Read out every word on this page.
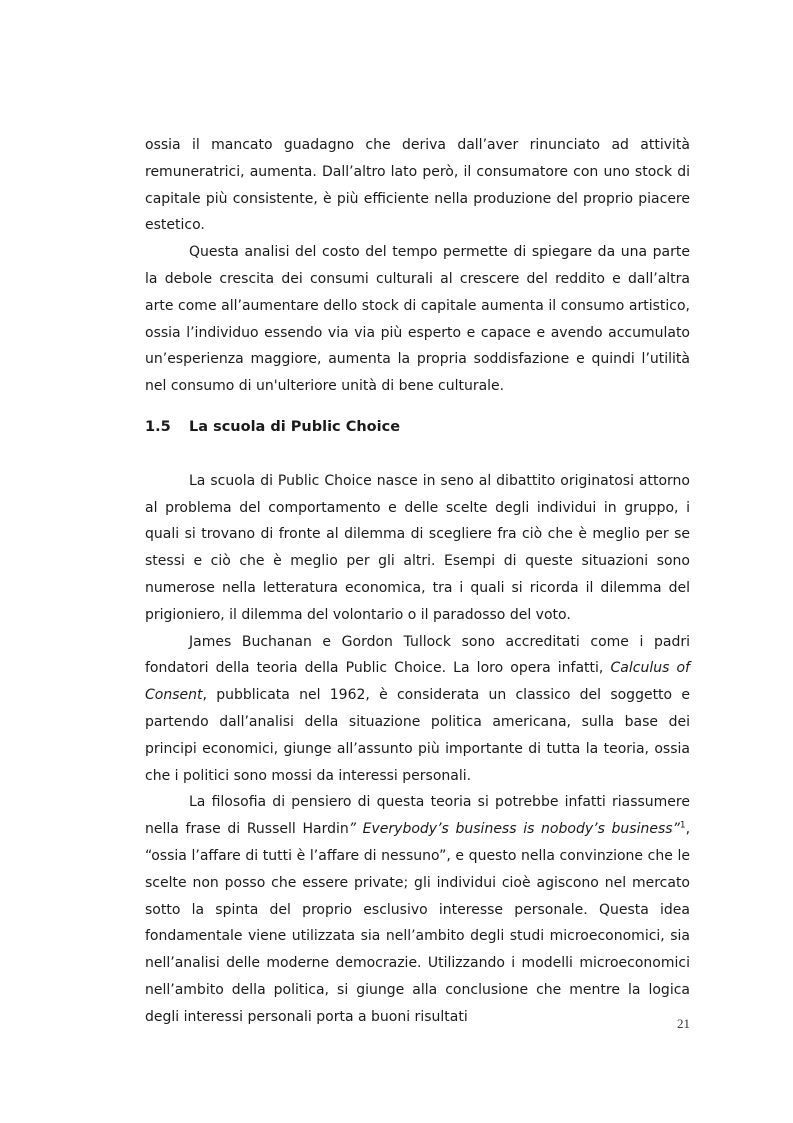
ossia il mancato guadagno che deriva dall’aver rinunciato ad attività remuneratrici, aumenta. Dall’altro lato però, il consumatore con uno stock di capitale più consistente, è più efficiente nella produzione del proprio piacere estetico.

Questa analisi del costo del tempo permette di spiegare da una parte la debole crescita dei consumi culturali al crescere del reddito e dall’altra arte come all’aumentare dello stock di capitale aumenta il consumo artistico, ossia l’individuo essendo via via più esperto e capace e avendo accumulato un’esperienza maggiore, aumenta la propria soddisfazione e quindi l’utilità nel consumo di un'ulteriore unità di bene culturale.

1.5 La scuola di Public Choice

La scuola di Public Choice nasce in seno al dibattito originatosi attorno al problema del comportamento e delle scelte degli individui in gruppo, i quali si trovano di fronte al dilemma di scegliere fra ciò che è meglio per se stessi e ciò che è meglio per gli altri. Esempi di queste situazioni sono numerose nella letteratura economica, tra i quali si ricorda il dilemma del prigioniero, il dilemma del volontario o il paradosso del voto.

James Buchanan e Gordon Tullock sono accreditati come i padri fondatori della teoria della Public Choice. La loro opera infatti, Calculus of Consent, pubblicata nel 1962, è considerata un classico del soggetto e partendo dall’analisi della situazione politica americana, sulla base dei principi economici, giunge all’assunto più importante di tutta la teoria, ossia che i politici sono mossi da interessi personali.

La filosofia di pensiero di questa teoria si potrebbe infatti riassumere nella frase di Russell Hardin” Everybody’s business is nobody’s business”$^1$, “ossia l’affare di tutti è l’affare di nessuno”, e questo nella convinzione che le scelte non posso che essere private; gli individui cioè agiscono nel mercato sotto la spinta del proprio esclusivo interesse personale. Questa idea fondamentale viene utilizzata sia nell’ambito degli studi microeconomici, sia nell’analisi delle moderne democrazie. Utilizzando i modelli microeconomici nell’ambito della politica, si giunge alla conclusione che mentre la logica degli interessi personali porta a buoni risultati	21
